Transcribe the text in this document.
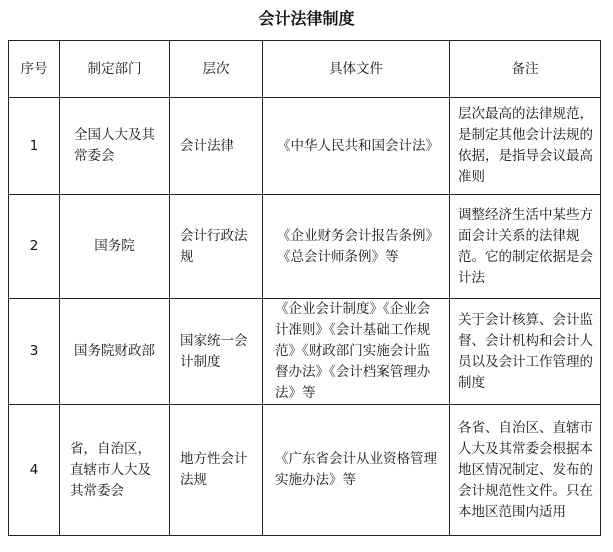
会计法律制度
序号	制定部门	层次	具体文件	备注
1	全国人大及其常委会	会计法律	《中华人民共和国会计法》	层次最高的法律规范，是制定其他会计法规的依据，是指导会议最高准则
2	国务院	会计行政法规	《企业财务会计报告条例》《总会计师条例》等	调整经济生活中某些方面会计关系的法律规范。它的制定依据是会计法
3	国务院财政部	国家统一会计制度	《企业会计制度》《企业会计准则》《会计基础工作规范》《财政部门实施会计监督办法》《会计档案管理办法》等	关于会计核算、会计监督、会计机构和会计人员以及会计工作管理的制度
4	省，自治区，直辖市人大及其常委会	地方性会计法规	《广东省会计从业资格管理实施办法》等	各省、自治区、直辖市人大及其常委会根据本地区情况制定、发布的会计规范性文件。只在本地区范围内适用
